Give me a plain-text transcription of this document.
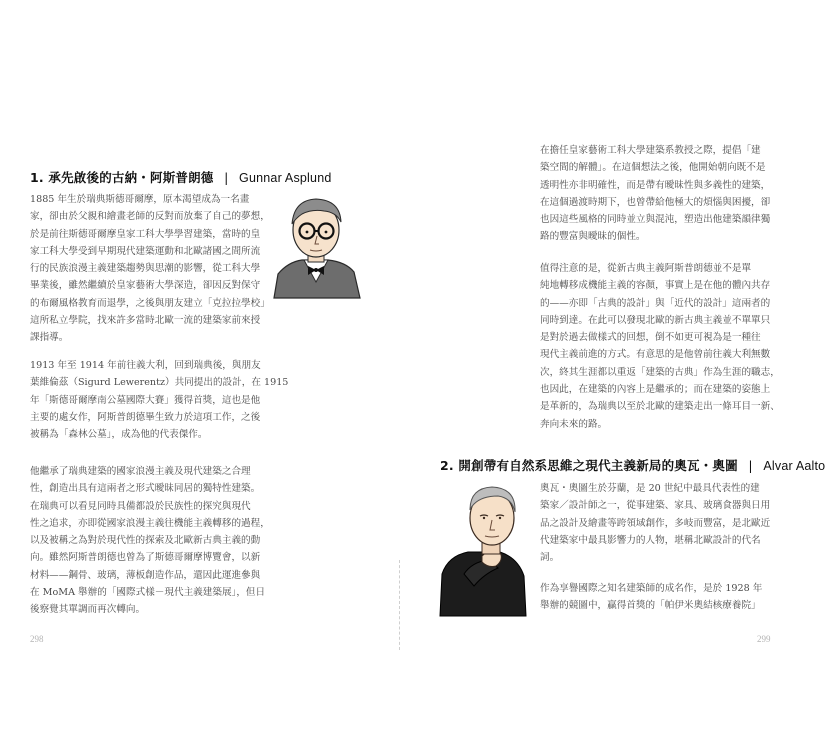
1. 承先啟後的古納・阿斯普朗德 | Gunnar Asplund
1885 年生於瑞典斯德哥爾摩，原本渴望成為一名畫
家，卻由於父親和繪畫老師的反對而放棄了自己的夢想，
於是前往斯德哥爾摩皇家工科大學學習建築，當時的皇
家工科大學受到早期現代建築運動和北歐諸國之間所流
行的民族浪漫主義建築趨勢與思潮的影響，從工科大學
畢業後，雖然繼續於皇家藝術大學深造，卻因反對保守
的布爾風格教育而退學，之後與朋友建立「克拉拉學校」
這所私立學院，找來許多當時北歐一流的建築家前來授
課指導。
1913 年至 1914 年前往義大利，回到瑞典後，與朋友
葉維倫茲（Sigurd Lewerentz）共同提出的設計，在 1915
年「斯德哥爾摩南公墓國際大賽」獲得首獎，這也是他
主要的處女作，阿斯普朗德畢生致力於這項工作，之後
被稱為「森林公墓」，成為他的代表傑作。
他繼承了瑞典建築的國家浪漫主義及現代建築之合理
性，創造出具有這兩者之形式曖昧同居的獨特性建築。
在瑞典可以看見同時具備都設於民族性的探究與現代
性之追求，亦即從國家浪漫主義往機能主義轉移的過程，
以及被稱之為對於現代性的探索及北歐新古典主義的動
向。雖然阿斯普朗德也曾為了斯德哥爾摩博覽會，以新
材料——鋼骨、玻璃，薄板創造作品，還因此運進參與
在 MoMA 舉辦的「國際式樣－現代主義建築展」，但日
後察覺其單調而再次轉向。
298
在擔任皇家藝術工科大學建築系教授之際，提倡「建
築空間的解體」。在這個想法之後，他開始朝向既不是
透明性亦非明確性，而是帶有曖昧性與多義性的建築，
在這個過渡時期下，也曾帶給他極大的煩惱與困擾，卻
也因這些風格的同時並立與混沌，塑造出他建築韻律獨
路的豐富與曖昧的個性。
值得注意的是，從新古典主義阿斯普朗德並不是單
純地轉移成機能主義的容顏，事實上是在他的體內共存
的——亦即「古典的設計」與「近代的設計」這兩者的
同時到達。在此可以發現北歐的新古典主義並不單單只
是對於過去做樣式的回想，倒不如更可視為是一種往
現代主義前進的方式。有意思的是他曾前往義大利無數
次，終其生涯都以重返「建築的古典」作為生涯的職志，
也因此，在建築的內容上是繼承的；而在建築的姿態上
是革新的，為瑞典以至於北歐的建築走出一條耳目一新、
奔向未來的路。
2. 開創帶有自然系思維之現代主義新局的奧瓦・奧圖 | Alvar Aalto
奧瓦・奧圖生於芬蘭，是 20 世紀中最具代表性的建
築家／設計師之一，從事建築、家具、玻璃食器與日用
品之設計及繪畫等跨領域創作，多岐而豐富，是北歐近
代建築家中最具影響力的人物，堪稱北歐設計的代名
詞。
作為享譽國際之知名建築師的成名作，是於 1928 年
舉辦的競圖中，贏得首獎的「帕伊米奧結核療養院」
299
